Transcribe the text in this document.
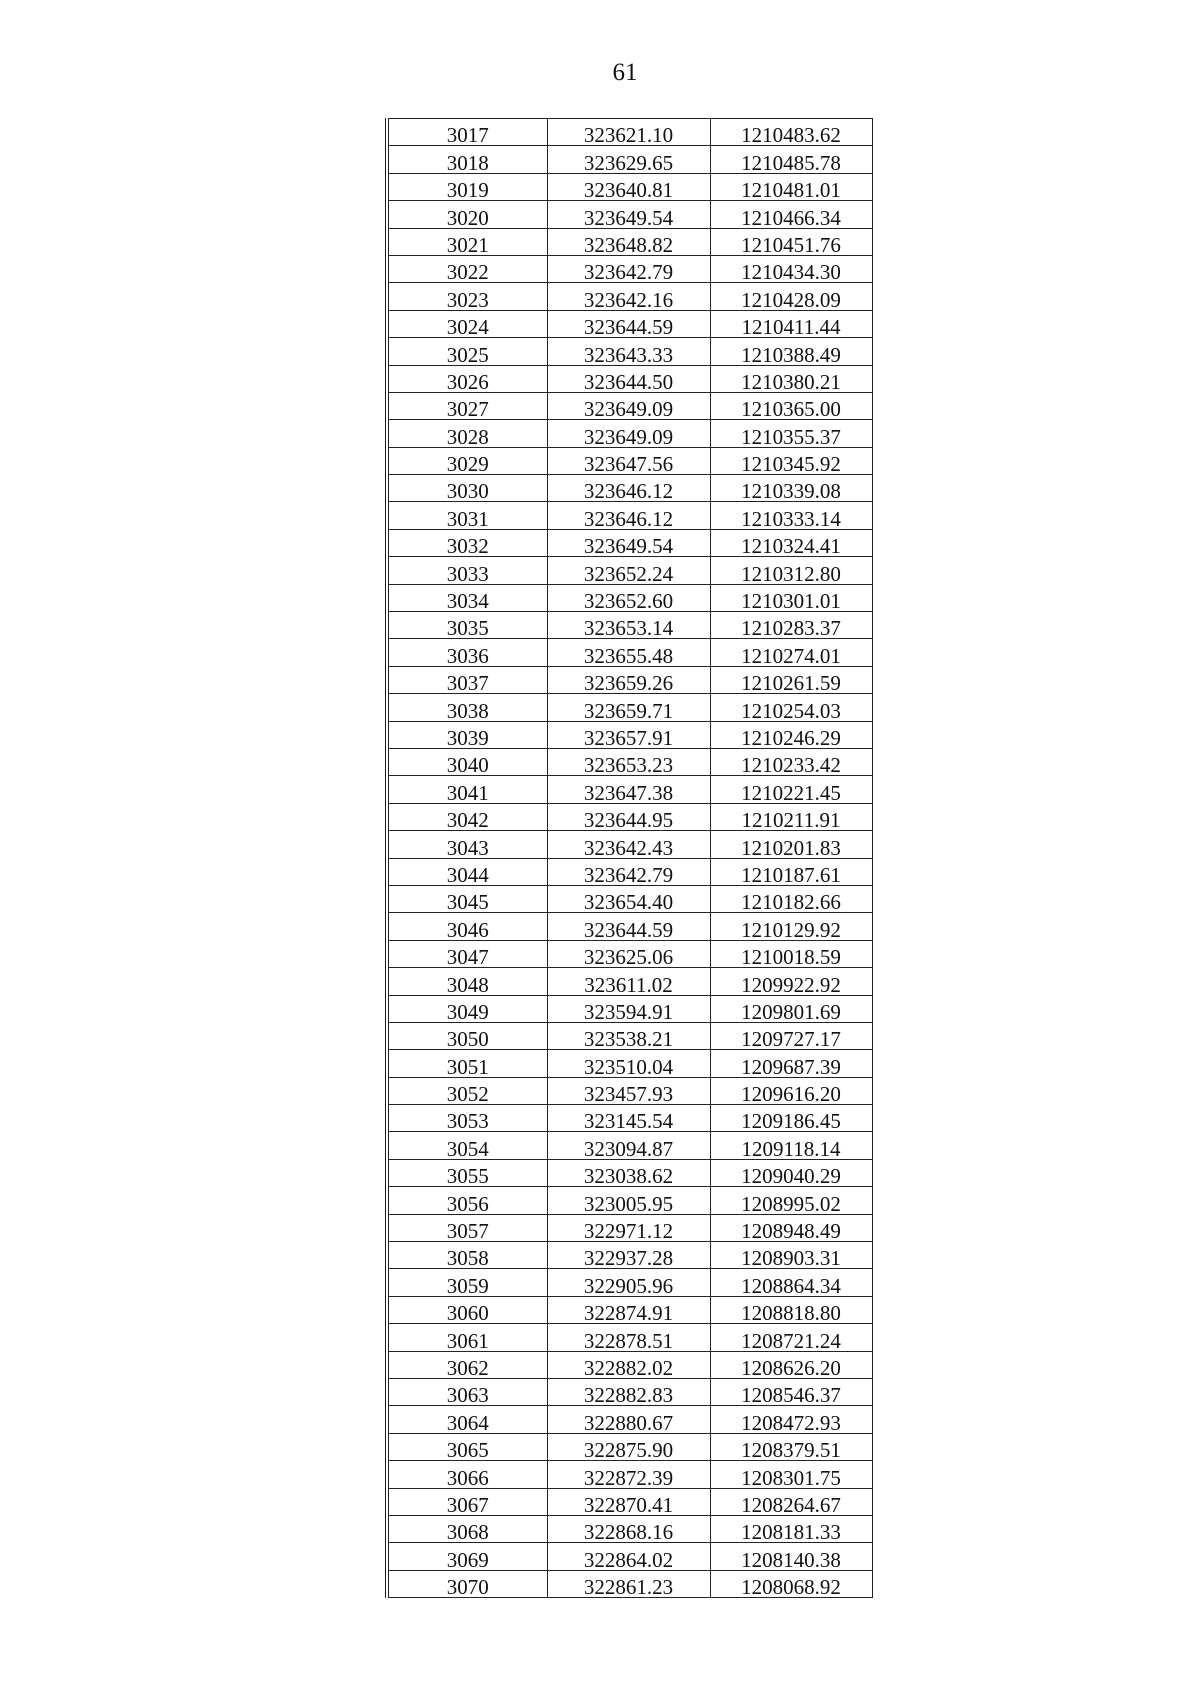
61
3017	323621.10	1210483.62
3018	323629.65	1210485.78
3019	323640.81	1210481.01
3020	323649.54	1210466.34
3021	323648.82	1210451.76
3022	323642.79	1210434.30
3023	323642.16	1210428.09
3024	323644.59	1210411.44
3025	323643.33	1210388.49
3026	323644.50	1210380.21
3027	323649.09	1210365.00
3028	323649.09	1210355.37
3029	323647.56	1210345.92
3030	323646.12	1210339.08
3031	323646.12	1210333.14
3032	323649.54	1210324.41
3033	323652.24	1210312.80
3034	323652.60	1210301.01
3035	323653.14	1210283.37
3036	323655.48	1210274.01
3037	323659.26	1210261.59
3038	323659.71	1210254.03
3039	323657.91	1210246.29
3040	323653.23	1210233.42
3041	323647.38	1210221.45
3042	323644.95	1210211.91
3043	323642.43	1210201.83
3044	323642.79	1210187.61
3045	323654.40	1210182.66
3046	323644.59	1210129.92
3047	323625.06	1210018.59
3048	323611.02	1209922.92
3049	323594.91	1209801.69
3050	323538.21	1209727.17
3051	323510.04	1209687.39
3052	323457.93	1209616.20
3053	323145.54	1209186.45
3054	323094.87	1209118.14
3055	323038.62	1209040.29
3056	323005.95	1208995.02
3057	322971.12	1208948.49
3058	322937.28	1208903.31
3059	322905.96	1208864.34
3060	322874.91	1208818.80
3061	322878.51	1208721.24
3062	322882.02	1208626.20
3063	322882.83	1208546.37
3064	322880.67	1208472.93
3065	322875.90	1208379.51
3066	322872.39	1208301.75
3067	322870.41	1208264.67
3068	322868.16	1208181.33
3069	322864.02	1208140.38
3070	322861.23	1208068.92
